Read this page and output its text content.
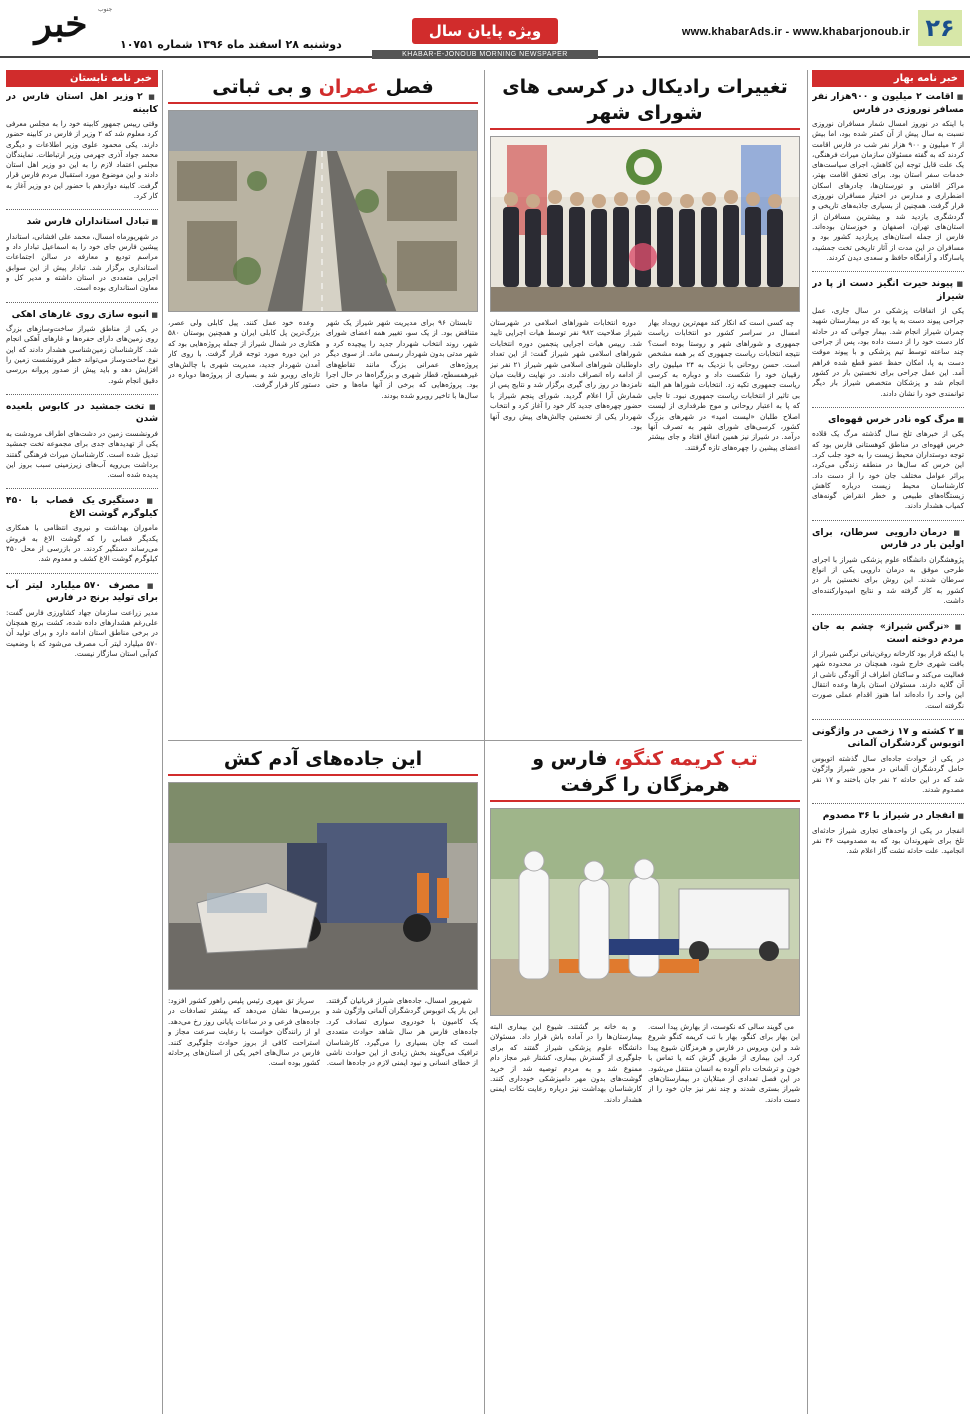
۲۶
www.khabarAds.ir - www.khabarjonoub.ir
ویژه پایان سال
KHABAR-E-JONOUB MORNING NEWSPAPER
خبر	جنوب
دوشنبه ۲۸ اسفند ماه ۱۳۹۶ شماره ۱۰۷۵۱
خبر نامه بهار
■ اقامت ۲ میلیون و ۹۰۰هزار نفر مسافر نوروزی در فارس
با اینکه در نوروز امسال شمار مسافران نوروزی نسبت به سال پیش از آن کمتر شده بود، اما بیش از ۲ میلیون و ۹۰۰ هزار نفر شب در فارس اقامت کردند که به گفته مسئولان سازمان میراث فرهنگی، یک علت قابل توجه این کاهش، اجرای سیاست‌های خدمات سفر استان بود. برای تحقق اقامت بهتر، مراکز اقامتی و تورستان‌ها، چادرهای اسکان اضطراری و مدارس در اختیار مسافران نوروزی قرار گرفت. همچنین از بسیاری جاذبه‌های تاریخی و گردشگری بازدید شد و بیشترین مسافران از استان‌های تهران، اصفهان و خوزستان بوده‌اند. فارس از جمله استان‌های پربازدید کشور بود و مسافران در این مدت از آثار تاریخی تخت جمشید، پاسارگاد و آرامگاه حافظ و سعدی دیدن کردند.
■ پیوند حیرت انگیز دست از پا در شیراز
یکی از اتفاقات پزشکی در سال جاری، عمل جراحی پیوند دست به پا بود که در بیمارستان شهید چمران شیراز انجام شد. بیمار جوانی که در حادثه کار دست خود را از دست داده بود، پس از جراحی چند ساعته توسط تیم پزشکی و با پیوند موقت دست به پا، امکان حفظ عضو قطع شده فراهم آمد. این عمل جراحی برای نخستین بار در کشور انجام شد و پزشکان متخصص شیراز بار دیگر توانمندی خود را نشان دادند.
■ مرگ کوه نادر خرس قهوه‌ای
یکی از خبرهای تلخ سال گذشته مرگ یک قلاده خرس قهوه‌ای در مناطق کوهستانی فارس بود که توجه دوستداران محیط زیست را به خود جلب کرد. این خرس که سال‌ها در منطقه زندگی می‌کرد، براثر عوامل مختلف جان خود را از دست داد. کارشناسان محیط زیست درباره کاهش زیستگاه‌های طبیعی و خطر انقراض گونه‌های کمیاب هشدار دادند.
■ درمان دارویی سرطان، برای اولین بار در فارس
پژوهشگران دانشگاه علوم پزشکی شیراز با اجرای طرحی موفق به درمان دارویی یکی از انواع سرطان شدند. این روش برای نخستین بار در کشور به کار گرفته شد و نتایج امیدوارکننده‌ای داشت.
■ «نرگس شیراز» چشم به جان مردم دوخته است
با اینکه قرار بود کارخانه روغن‌نباتی نرگس شیراز از بافت شهری خارج شود، همچنان در محدوده شهر فعالیت می‌کند و ساکنان اطراف از آلودگی ناشی از آن گلایه دارند. مسئولان استان بارها وعده انتقال این واحد را داده‌اند اما هنوز اقدام عملی صورت نگرفته است.
■ ۲ کشته و ۱۷ زخمی در واژگونی اتوبوس گردشگران آلمانی
در یکی از حوادث جاده‌ای سال گذشته اتوبوس حامل گردشگران آلمانی در محور شیراز واژگون شد که در این حادثه ۲ نفر جان باختند و ۱۷ نفر مصدوم شدند.
■ انفجار در شیراز با ۳۶ مصدوم
انفجار در یکی از واحدهای تجاری شیراز حادثه‌ای تلخ برای شهروندان بود که به مصدومیت ۳۶ نفر انجامید. علت حادثه نشت گاز اعلام شد.
خبر نامه تابستان
■ ۲ وزیر اهل استان فارس در کابینه
وقتی رییس جمهور کابینه خود را به مجلس معرفی کرد معلوم شد که ۲ وزیر از فارس در کابینه حضور دارند. یکی محمود علوی وزیر اطلاعات و دیگری محمد جواد آذری جهرمی وزیر ارتباطات. نمایندگان مجلس اعتماد لازم را به این دو وزیر اهل استان دادند و این موضوع مورد استقبال مردم فارس قرار گرفت. کابینه دوازدهم با حضور این دو وزیر آغاز به کار کرد.
■ تبادل استانداران فارس شد
در شهریورماه امسال، محمد علی افشانی، استاندار پیشین فارس جای خود را به اسماعیل تبادار داد و مراسم تودیع و معارفه در سالن اجتماعات استانداری برگزار شد. تبادار پیش از این سوابق اجرایی متعددی در استان داشته و مدیر کل و معاون استانداری بوده است.
■ انبوه سازی روی غارهای اهکی
در یکی از مناطق شیراز ساخت‌وسازهای بزرگ روی زمین‌های دارای حفره‌ها و غارهای آهکی انجام شد. کارشناسان زمین‌شناسی هشدار دادند که این نوع ساخت‌وساز می‌تواند خطر فرونشست زمین را افزایش دهد و باید پیش از صدور پروانه بررسی دقیق انجام شود.
■ تخت جمشید در کابوس بلعیده شدن
فرونشست زمین در دشت‌های اطراف مرودشت به یکی از تهدیدهای جدی برای مجموعه تخت جمشید تبدیل شده است. کارشناسان میراث فرهنگی گفتند برداشت بی‌رویه آب‌های زیرزمینی سبب بروز این پدیده شده است.
■ دستگیری یک قصاب با ۴۵۰ کیلوگرم گوشت الاغ
ماموران بهداشت و نیروی انتظامی با همکاری یکدیگر قصابی را که گوشت الاغ به فروش می‌رساند دستگیر کردند. در بازرسی از محل ۴۵۰ کیلوگرم گوشت الاغ کشف و معدوم شد.
■ مصرف ۵۷۰ میلیارد لیتر آب برای تولید برنج در فارس
مدیر زراعت سازمان جهاد کشاورزی فارس گفت: علی‌رغم هشدارهای داده شده، کشت برنج همچنان در برخی مناطق استان ادامه دارد و برای تولید آن ۵۷۰ میلیارد لیتر آب مصرف می‌شود که با وضعیت کم‌آبی استان سازگار نیست.
تغییرات رادیکال در کرسی های شورای شهر

چه کسی است که انکار کند مهم‌ترین رویداد بهار امسال در سراسر کشور دو انتخابات ریاست جمهوری و شوراهای شهر و روستا بوده است؟ نتیجه انتخابات ریاست جمهوری که بر همه مشخص است. حسن روحانی با نزدیک به ۲۴ میلیون رای رقیبان خود را شکست داد و دوباره به کرسی ریاست جمهوری تکیه زد. انتخابات شوراها هم البته بی تاثیر از انتخابات ریاست جمهوری نبود. تا جایی که پا به اعتبار روحانی و موج طرفداری از لیست اصلاح طلبان «لیست امید» در شهرهای بزرگ کشور، کرسی‌های شورای شهر به تصرف آنها درآمد. در شیراز نیز همین اتفاق افتاد و جای بیشتر اعضای پیشین را چهره‌های تازه گرفتند.

دوره انتخابات شوراهای اسلامی در شهرستان شیراز صلاحیت ۹۸۲ نفر توسط هیات اجرایی تایید شد. رییس هیات اجرایی پنجمین دوره انتخابات شوراهای اسلامی شهر شیراز گفت: از این تعداد داوطلبان شوراهای اسلامی شهر شیراز ۲۱ نفر نیز از ادامه راه انصراف دادند. در نهایت رقابت میان نامزدها در روز رای گیری برگزار شد و نتایج پس از شمارش آرا اعلام گردید. شورای پنجم شیراز با حضور چهره‌های جدید کار خود را آغاز کرد و انتخاب شهردار یکی از نخستین چالش‌های پیش روی آنها بود.

فصل عمران و بی ثباتی

تابستان ۹۶ برای مدیریت شهر شیراز یک شهر متناقض بود. از یک سو، تغییر همه اعضای شورای شهر، روند انتخاب شهردار جدید را پیچیده کرد و شهر مدتی بدون شهردار رسمی ماند. از سوی دیگر پروژه‌های عمرانی بزرگ مانند تقاطع‌های غیرهمسطح، قطار شهری و بزرگراه‌ها در حال اجرا بود. پروژه‌هایی که برخی از آنها ماه‌ها و حتی سال‌ها با تاخیر روبرو شده بودند.

وعده خود عمل کنند. پیل کابلی ولی عصر، بزرگ‌ترین پل کابلی ایران و همچنین بوستان ۵۸۰ هکتاری در شمال شیراز از جمله پروژه‌هایی بود که در این دوره مورد توجه قرار گرفت. با روی کار آمدن شهردار جدید، مدیریت شهری با چالش‌های تازه‌ای روبرو شد و بسیاری از پروژه‌ها دوباره در دستور کار قرار گرفت.

تب کریمه کنگو، فارس و هرمزگان را گرفت

می گویند سالی که نکوست، از بهارش پیدا است. این بهار برای کنگو، بهار با تب کریمه کنگو شروع شد و این ویروس در فارس و هرمزگان شیوع پیدا کرد. این بیماری از طریق گزش کنه یا تماس با خون و ترشحات دام آلوده به انسان منتقل می‌شود. در این فصل تعدادی از مبتلایان در بیمارستان‌های شیراز بستری شدند و چند نفر نیز جان خود را از دست دادند.

و به خانه بر گشتند. شیوع این بیماری البته بیمارستان‌ها را در آماده باش قرار داد. مسئولان دانشگاه علوم پزشکی شیراز گفتند که برای جلوگیری از گسترش بیماری، کشتار غیر مجاز دام ممنوع شد و به مردم توصیه شد از خرید گوشت‌های بدون مهر دامپزشکی خودداری کنند. کارشناسان بهداشت نیز درباره رعایت نکات ایمنی هشدار دادند.

این جاده‌های آدم کش

شهریور امسال، جاده‌های شیراز قربانیان گرفتند. این بار یک اتوبوس گردشگران آلمانی واژگون شد و یک کامیون با خودروی سواری تصادف کرد. جاده‌های فارس هر سال شاهد حوادث متعددی است که جان بسیاری را می‌گیرد. کارشناسان ترافیک می‌گویند بخش زیادی از این حوادث ناشی از خطای انسانی و نبود ایمنی لازم در جاده‌ها است.

سرباز تق مهری رئیس پلیس راهور کشور افزود: بررسی‌ها نشان می‌دهد که بیشتر تصادفات در جاده‌های فرعی و در ساعات پایانی روز رخ می‌دهد. او از رانندگان خواست با رعایت سرعت مجاز و استراحت کافی از بروز حوادث جلوگیری کنند. فارس در سال‌های اخیر یکی از استان‌های پرحادثه کشور بوده است.
